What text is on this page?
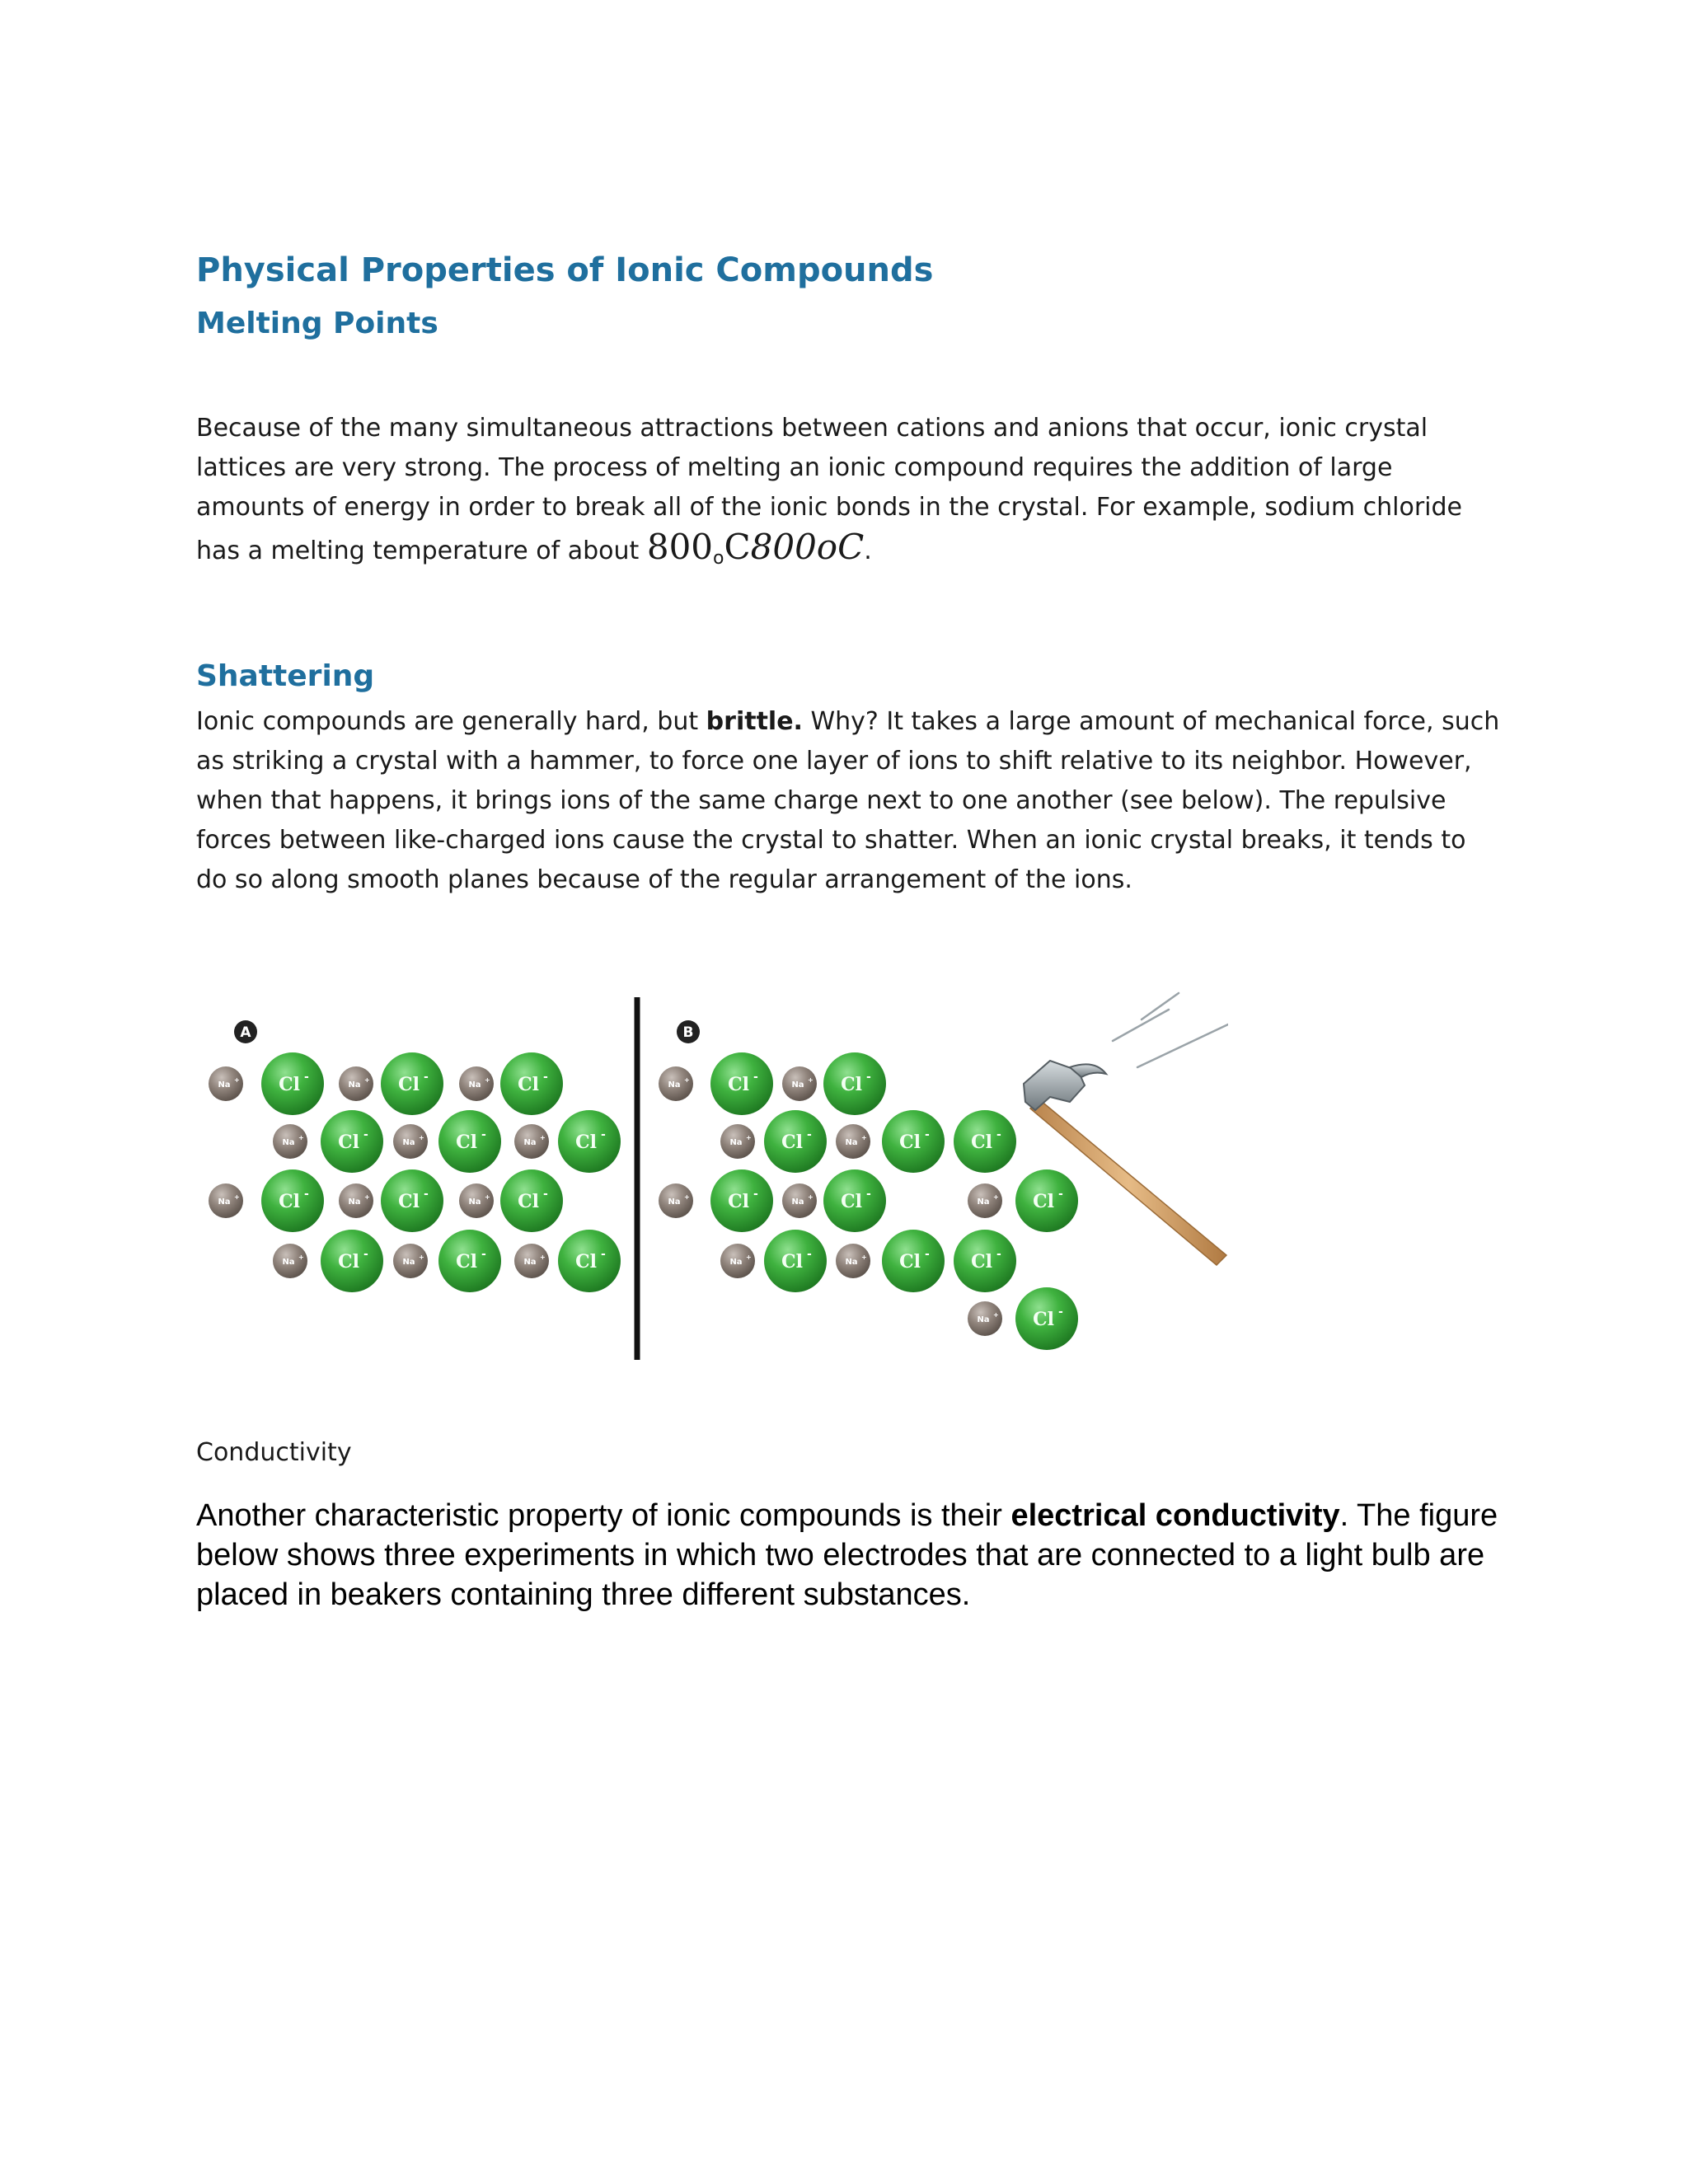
Physical Properties of Ionic Compounds
Melting Points
Because of the many simultaneous attractions between cations and anions that occur, ionic crystal
lattices are very strong. The process of melting an ionic compound requires the addition of large
amounts of energy in order to break all of the ionic bonds in the crystal. For example, sodium chloride
has a melting temperature of about $800_oC800oC$.
Shattering
Ionic compounds are generally hard, but brittle. Why? It takes a large amount of mechanical force, such
as striking a crystal with a hammer, to force one layer of ions to shift relative to its neighbor. However,
when that happens, it brings ions of the same charge next to one another (see below). The repulsive
forces between like-charged ions cause the crystal to shatter. When an ionic crystal breaks, it tends to
do so along smooth planes because of the regular arrangement of the ions.
Na
+ Cl -
Na
+ Cl -
Na
+ Cl -
Na
+ Cl -
Na
+ Cl -
Na
+ Cl -
Na
+ Cl -
Na
+ Cl -
Na
+ Cl -
Na
+ Cl -
Na
+ Cl -
Na
+ Cl -
Na
+ Cl -
Na
+ Cl -
Na
+ Cl -
Na
+ Cl - Cl -
Na
+ Cl -
Na
+ Cl -
Na
+ Cl -
Na
+ Cl -
Na
+ Cl - Cl -
Na
+ Cl -
A	B
Conductivity
Another characteristic property of ionic compounds is their electrical conductivity. The figure
below shows three experiments in which two electrodes that are connected to a light bulb are
placed in beakers containing three different substances.
